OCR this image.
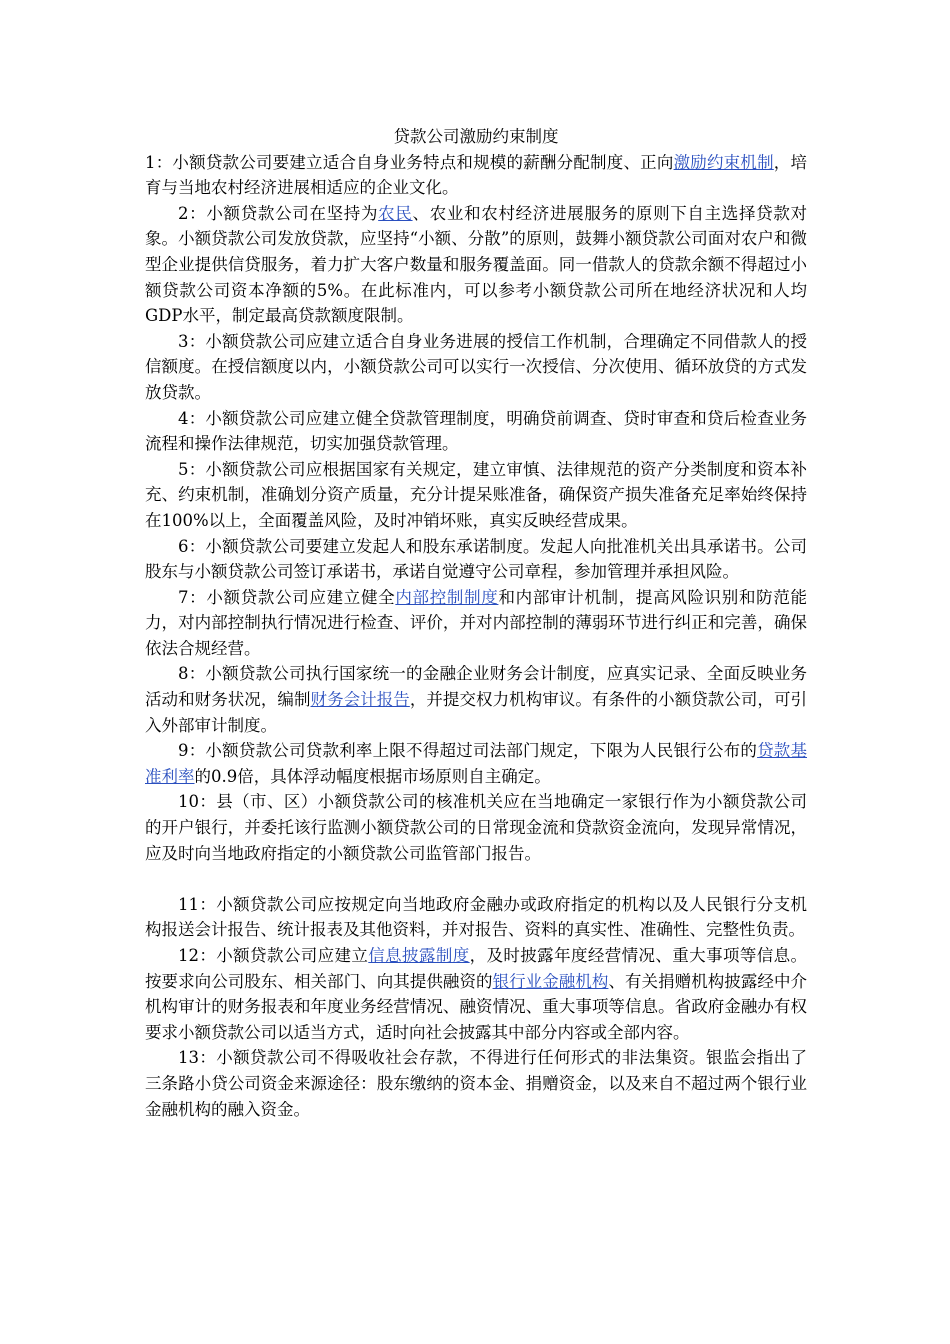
贷款公司激励约束制度

1：小额贷款公司要建立适合自身业务特点和规模的薪酬分配制度、正向激励约束机制，培育与当地农村经济进展相适应的企业文化。

2：小额贷款公司在坚持为农民、农业和农村经济进展服务的原则下自主选择贷款对象。小额贷款公司发放贷款，应坚持“小额、分散”的原则，鼓舞小额贷款公司面对农户和微型企业提供信贷服务，着力扩大客户数量和服务覆盖面。同一借款人的贷款余额不得超过小额贷款公司资本净额的5%。在此标准内，可以参考小额贷款公司所在地经济状况和人均GDP水平，制定最高贷款额度限制。

3：小额贷款公司应建立适合自身业务进展的授信工作机制，合理确定不同借款人的授信额度。在授信额度以内，小额贷款公司可以实行一次授信、分次使用、循环放贷的方式发放贷款。

4：小额贷款公司应建立健全贷款管理制度，明确贷前调查、贷时审查和贷后检查业务流程和操作法律规范，切实加强贷款管理。

5：小额贷款公司应根据国家有关规定，建立审慎、法律规范的资产分类制度和资本补充、约束机制，准确划分资产质量，充分计提呆账准备，确保资产损失准备充足率始终保持在100%以上，全面覆盖风险，及时冲销坏账，真实反映经营成果。

6：小额贷款公司要建立发起人和股东承诺制度。发起人向批准机关出具承诺书。公司股东与小额贷款公司签订承诺书，承诺自觉遵守公司章程，参加管理并承担风险。

7：小额贷款公司应建立健全内部控制制度和内部审计机制，提高风险识别和防范能力，对内部控制执行情况进行检查、评价，并对内部控制的薄弱环节进行纠正和完善，确保依法合规经营。

8：小额贷款公司执行国家统一的金融企业财务会计制度，应真实记录、全面反映业务活动和财务状况，编制财务会计报告，并提交权力机构审议。有条件的小额贷款公司，可引入外部审计制度。

9：小额贷款公司贷款利率上限不得超过司法部门规定，下限为人民银行公布的贷款基准利率的0.9倍，具体浮动幅度根据市场原则自主确定。

10：县（市、区）小额贷款公司的核准机关应在当地确定一家银行作为小额贷款公司的开户银行，并委托该行监测小额贷款公司的日常现金流和贷款资金流向，发现异常情况，应及时向当地政府指定的小额贷款公司监管部门报告。

11：小额贷款公司应按规定向当地政府金融办或政府指定的机构以及人民银行分支机构报送会计报告、统计报表及其他资料，并对报告、资料的真实性、准确性、完整性负责。

12：小额贷款公司应建立信息披露制度，及时披露年度经营情况、重大事项等信息。按要求向公司股东、相关部门、向其提供融资的银行业金融机构、有关捐赠机构披露经中介机构审计的财务报表和年度业务经营情况、融资情况、重大事项等信息。省政府金融办有权要求小额贷款公司以适当方式，适时向社会披露其中部分内容或全部内容。

13：小额贷款公司不得吸收社会存款，不得进行任何形式的非法集资。银监会指出了三条路小贷公司资金来源途径：股东缴纳的资本金、捐赠资金，以及来自不超过两个银行业金融机构的融入资金。
